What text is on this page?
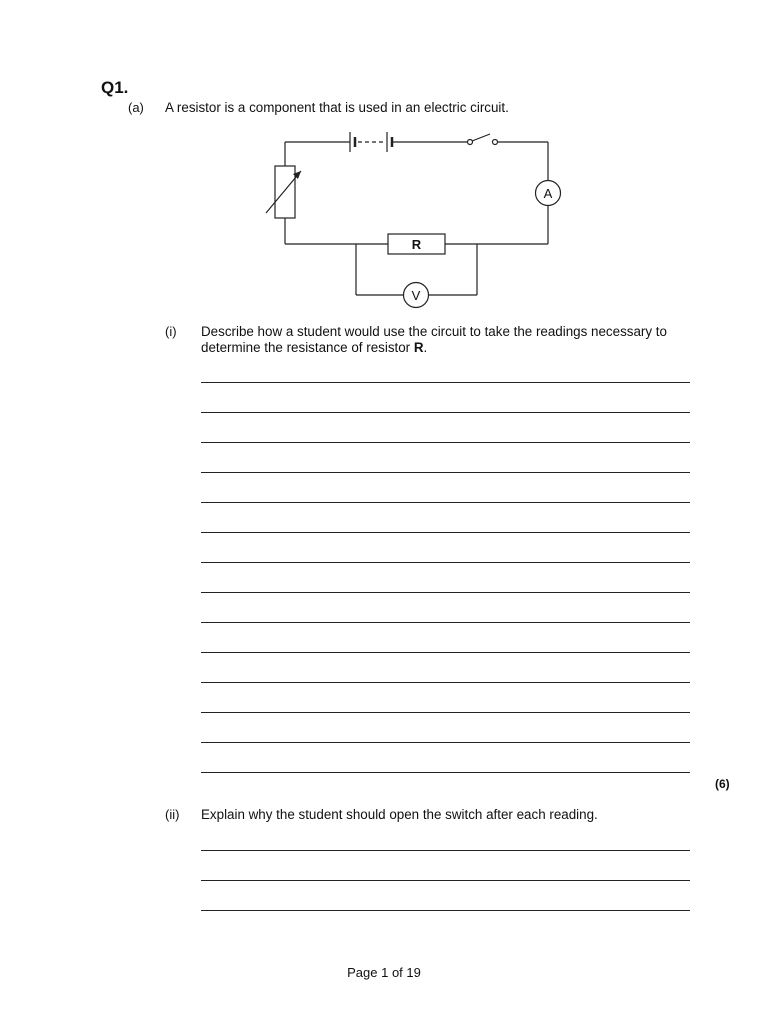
Q1.
(a) A resistor is a component that is used in an electric circuit.
R
A
V
(i) Describe how a student would use the circuit to take the readings necessary to determine the resistance of resistor R.
(6)
(ii) Explain why the student should open the switch after each reading.
Page 1 of 19
